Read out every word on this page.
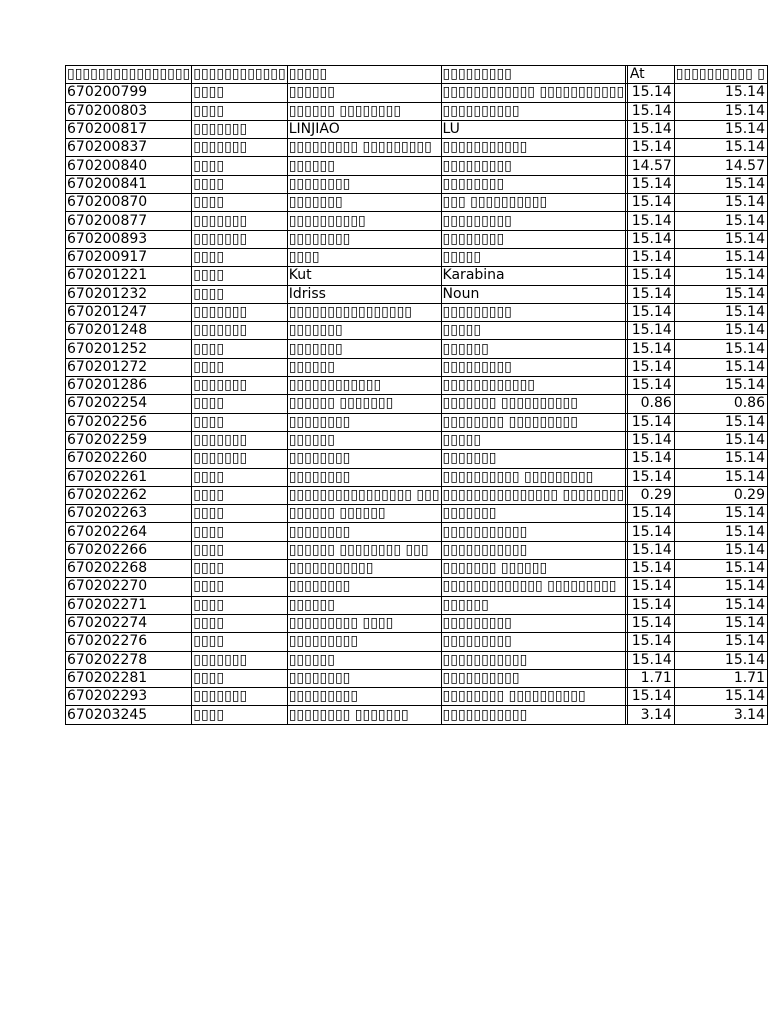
▯▯▯▯▯▯▯▯▯▯▯▯▯▯▯▯	▯▯▯▯▯▯▯▯▯▯▯▯	▯▯▯▯▯	▯▯▯▯▯▯▯▯▯		At	▯▯▯▯▯▯▯▯▯▯ ▯
670200799	▯▯▯▯	▯▯▯▯▯▯	▯▯▯▯▯▯▯▯▯▯▯▯ ▯▯▯▯▯▯▯▯▯▯▯		15.14	15.14
670200803	▯▯▯▯	▯▯▯▯▯▯ ▯▯▯▯▯▯▯▯	▯▯▯▯▯▯▯▯▯▯		15.14	15.14
670200817	▯▯▯▯▯▯▯	LINJIAO	LU		15.14	15.14
670200837	▯▯▯▯▯▯▯	▯▯▯▯▯▯▯▯▯ ▯▯▯▯▯▯▯▯▯	▯▯▯▯▯▯▯▯▯▯▯		15.14	15.14
670200840	▯▯▯▯	▯▯▯▯▯▯	▯▯▯▯▯▯▯▯▯		14.57	14.57
670200841	▯▯▯▯	▯▯▯▯▯▯▯▯	▯▯▯▯▯▯▯▯		15.14	15.14
670200870	▯▯▯▯	▯▯▯▯▯▯▯	▯▯▯ ▯▯▯▯▯▯▯▯▯▯		15.14	15.14
670200877	▯▯▯▯▯▯▯	▯▯▯▯▯▯▯▯▯▯	▯▯▯▯▯▯▯▯▯		15.14	15.14
670200893	▯▯▯▯▯▯▯	▯▯▯▯▯▯▯▯	▯▯▯▯▯▯▯▯		15.14	15.14
670200917	▯▯▯▯	▯▯▯▯	▯▯▯▯▯		15.14	15.14
670201221	▯▯▯▯	Kut	Karabina		15.14	15.14
670201232	▯▯▯▯	Idriss	Noun		15.14	15.14
670201247	▯▯▯▯▯▯▯	▯▯▯▯▯▯▯▯▯▯▯▯▯▯▯▯	▯▯▯▯▯▯▯▯▯		15.14	15.14
670201248	▯▯▯▯▯▯▯	▯▯▯▯▯▯▯	▯▯▯▯▯		15.14	15.14
670201252	▯▯▯▯	▯▯▯▯▯▯▯	▯▯▯▯▯▯		15.14	15.14
670201272	▯▯▯▯	▯▯▯▯▯▯	▯▯▯▯▯▯▯▯▯		15.14	15.14
670201286	▯▯▯▯▯▯▯	▯▯▯▯▯▯▯▯▯▯▯▯	▯▯▯▯▯▯▯▯▯▯▯▯		15.14	15.14
670202254	▯▯▯▯	▯▯▯▯▯▯ ▯▯▯▯▯▯▯	▯▯▯▯▯▯▯ ▯▯▯▯▯▯▯▯▯▯		0.86	0.86
670202256	▯▯▯▯	▯▯▯▯▯▯▯▯	▯▯▯▯▯▯▯▯ ▯▯▯▯▯▯▯▯▯		15.14	15.14
670202259	▯▯▯▯▯▯▯	▯▯▯▯▯▯	▯▯▯▯▯		15.14	15.14
670202260	▯▯▯▯▯▯▯	▯▯▯▯▯▯▯▯	▯▯▯▯▯▯▯		15.14	15.14
670202261	▯▯▯▯	▯▯▯▯▯▯▯▯	▯▯▯▯▯▯▯▯▯▯ ▯▯▯▯▯▯▯▯▯		15.14	15.14
670202262	▯▯▯▯	▯▯▯▯▯▯▯▯▯▯▯▯▯▯▯▯ ▯▯▯	▯▯▯▯▯▯▯▯▯▯▯▯▯▯▯ ▯▯▯▯▯▯▯▯		0.29	0.29
670202263	▯▯▯▯	▯▯▯▯▯▯ ▯▯▯▯▯▯	▯▯▯▯▯▯▯		15.14	15.14
670202264	▯▯▯▯	▯▯▯▯▯▯▯▯	▯▯▯▯▯▯▯▯▯▯▯		15.14	15.14
670202266	▯▯▯▯	▯▯▯▯▯▯ ▯▯▯▯▯▯▯▯ ▯▯▯	▯▯▯▯▯▯▯▯▯▯▯		15.14	15.14
670202268	▯▯▯▯	▯▯▯▯▯▯▯▯▯▯▯	▯▯▯▯▯▯▯ ▯▯▯▯▯▯		15.14	15.14
670202270	▯▯▯▯	▯▯▯▯▯▯▯▯	▯▯▯▯▯▯▯▯▯▯▯▯▯ ▯▯▯▯▯▯▯▯▯		15.14	15.14
670202271	▯▯▯▯	▯▯▯▯▯▯	▯▯▯▯▯▯		15.14	15.14
670202274	▯▯▯▯	▯▯▯▯▯▯▯▯▯ ▯▯▯▯	▯▯▯▯▯▯▯▯▯		15.14	15.14
670202276	▯▯▯▯	▯▯▯▯▯▯▯▯▯	▯▯▯▯▯▯▯▯▯		15.14	15.14
670202278	▯▯▯▯▯▯▯	▯▯▯▯▯▯	▯▯▯▯▯▯▯▯▯▯▯		15.14	15.14
670202281	▯▯▯▯	▯▯▯▯▯▯▯▯	▯▯▯▯▯▯▯▯▯▯		1.71	1.71
670202293	▯▯▯▯▯▯▯	▯▯▯▯▯▯▯▯▯	▯▯▯▯▯▯▯▯ ▯▯▯▯▯▯▯▯▯▯		15.14	15.14
670203245	▯▯▯▯	▯▯▯▯▯▯▯▯ ▯▯▯▯▯▯▯	▯▯▯▯▯▯▯▯▯▯▯		3.14	3.14
